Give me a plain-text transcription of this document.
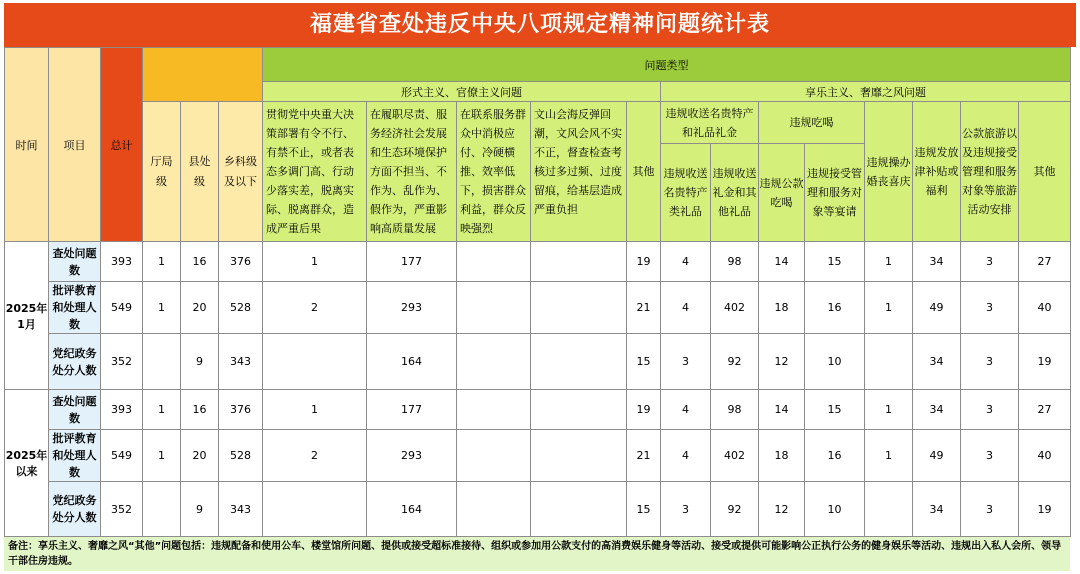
福建省查处违反中央八项规定精神问题统计表
时间	项目	总计				问题类型												
						形式主义、官僚主义问题					享乐主义、奢靡之风问题							

			厅局级	县处级	乡科级及以下	贯彻党中央重大决策部署有令不行、有禁不止，或者表态多调门高、行动少落实差，脱离实际、脱离群众，造成严重后果	在履职尽责、服务经济社会发展和生态环境保护方面不担当、不作为、乱作为、假作为，严重影响高质量发展	在联系服务群众中消极应付、冷硬横推、效率低下，损害群众利益，群众反映强烈	文山会海反弹回潮，文风会风不实不正，督查检查考核过多过频、过度留痕，给基层造成严重负担	其他	违规收送名贵特产和礼品礼金		违规吃喝		违规操办婚丧喜庆	违规发放津补贴或福利	公款旅游以及违规接受管理和服务对象等旅游活动安排	其他
											违规收送名贵特产类礼品	违规收送礼金和其他礼品	违规公款吃喝	违规接受管理和服务对象等宴请				
2025年1月	查处问题数	393	1	16	376	1	177			19	4	98	14	15	1	34	3	27
	批评教育和处理人数	549	1	20	528	2	293			21	4	402	18	16	1	49	3	40
	党纪政务处分人数	352		9	343		164			15	3	92	12	10		34	3	19
2025年以来	查处问题数	393	1	16	376	1	177			19	4	98	14	15	1	34	3	27
	批评教育和处理人数	549	1	20	528	2	293			21	4	402	18	16	1	49	3	40
	党纪政务处分人数	352		9	343		164			15	3	92	12	10		34	3	19
备注：享乐主义、奢靡之风“其他”问题包括：违规配备和使用公车、楼堂馆所问题、提供或接受超标准接待、组织或参加用公款支付的高消费娱乐健身等活动、接受或提供可能影响公正执行公务的健身娱乐等活动、违规出入私人会所、领导干部住房违规。
